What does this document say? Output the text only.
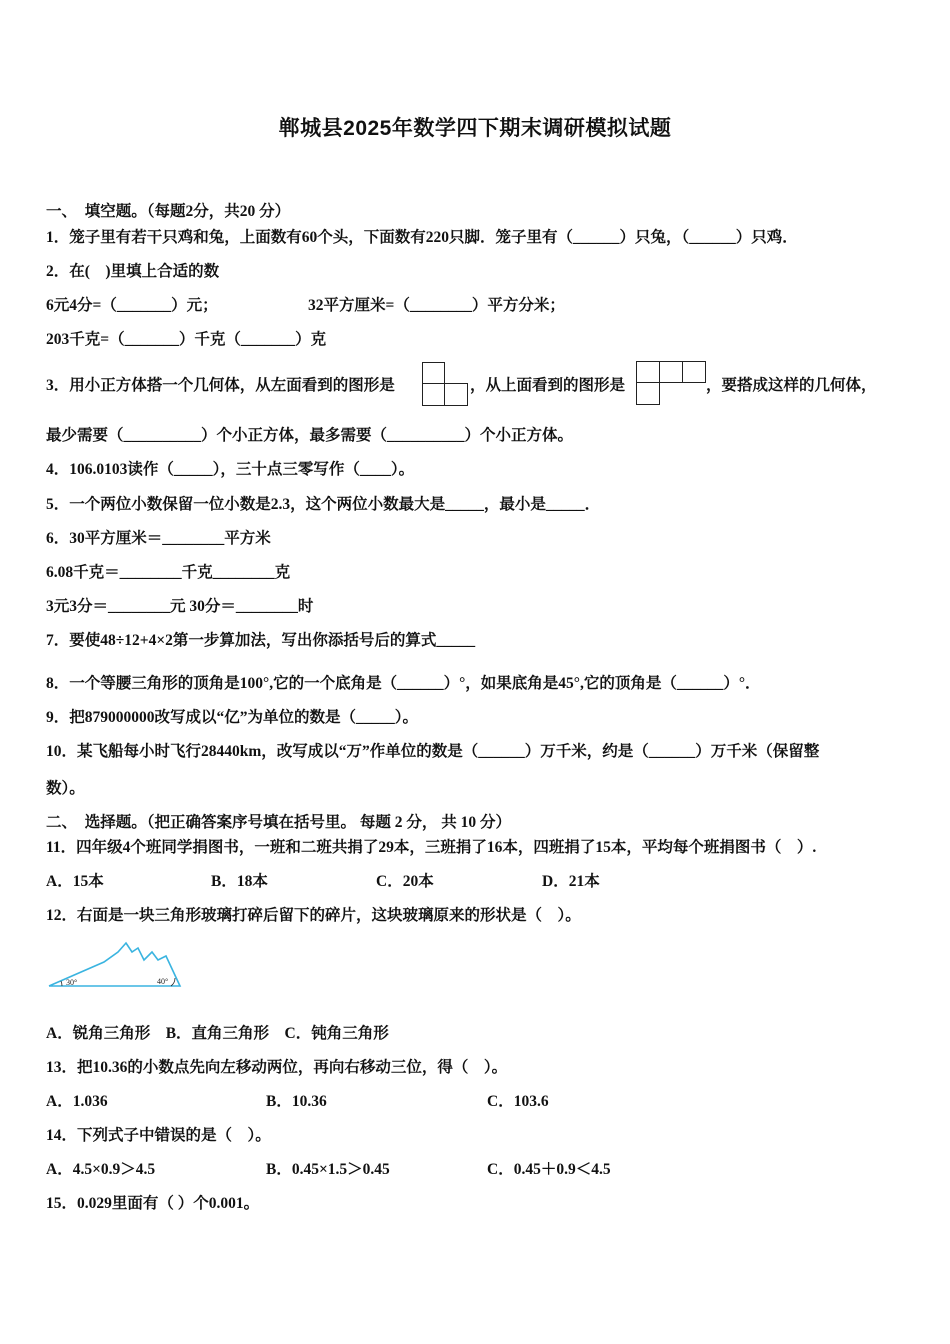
郸城县2025年数学四下期末调研模拟试题
一、　填空题。（每题2分，共20 分）
1．笼子里有若干只鸡和兔，上面数有60个头，下面数有220只脚．笼子里有（______）只兔，（______）只鸡．
2．在(　)里填上合适的数
6元4分=（_______）元；	32平方厘米=（________）平方分米；
203千克=（_______）千克（_______）克
3．用小正方体搭一个几何体，从左面看到的图形是	，从上面看到的图形是	，要搭成这样的几何体，
最少需要（__________）个小正方体，最多需要（__________）个小正方体。
4．106.0103读作（_____），三十点三零写作（____）。
5．一个两位小数保留一位小数是2.3，这个两位小数最大是_____，最小是_____．
6．30平方厘米＝________平方米
6.08千克＝________千克________克
3元3分＝________元 30分＝________时
7．要使48÷12+4×2第一步算加法，写出你添括号后的算式_____
8．一个等腰三角形的顶角是100°,它的一个底角是（______）°，如果底角是45°,它的顶角是（______）°．
9．把879000000改写成以“亿”为单位的数是（_____）。
10．某飞船每小时飞行28440km，改写成以“万”作单位的数是（______）万千米，约是（______）万千米（保留整
数）。
二、　选择题。（把正确答案序号填在括号里。 每题 2 分， 共 10 分）
11．四年级4个班同学捐图书，一班和二班共捐了29本，三班捐了16本，四班捐了15本，平均每个班捐图书（　）.
A．15本	B．18本	C．20本	D．21本
12．右面是一块三角形玻璃打碎后留下的碎片，这块玻璃原来的形状是（　）。
30°	40°
A．锐角三角形　B．直角三角形　C．钝角三角形
13．把10.36的小数点先向左移动两位，再向右移动三位，得（　）。
A．1.036	B．10.36	C．103.6
14．下列式子中错误的是（　）。
A．4.5×0.9＞4.5	B．0.45×1.5＞0.45	C．0.45＋0.9＜4.5
15．0.029里面有（ ）个0.001。
